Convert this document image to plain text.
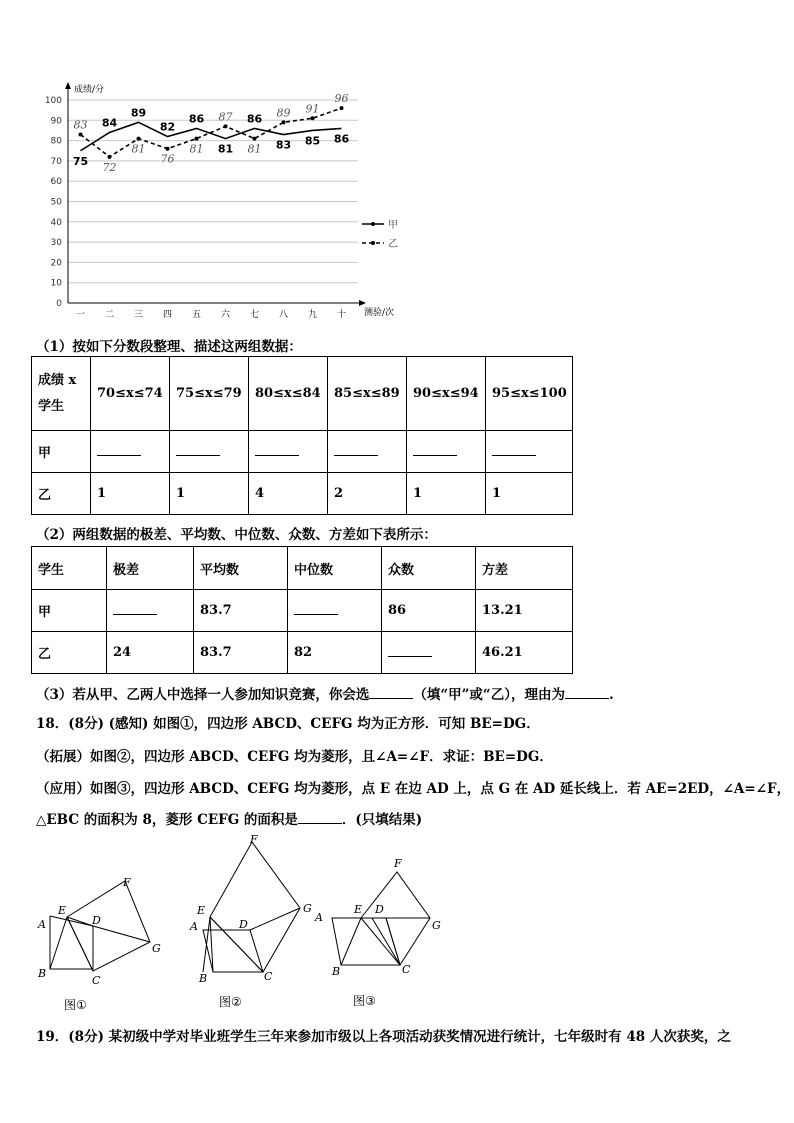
0
10
20
30
40
50
60
70
80
90
100
成绩/分
测验/次
一 二 三 四 五 六 七 八 九 十
75
84
89
82
86
81
86
83 85 86
83
72
81
76
81
87
81
89 91
96
甲
乙
（1）按如下分数段整理、描述这两组数据：
成绩 x
学生	70≤x≤74	75≤x≤79	80≤x≤84	85≤x≤89	90≤x≤94	95≤x≤100
甲						
乙	1	1	4	2	1	1
（2）两组数据的极差、平均数、中位数、众数、方差如下表所示：
学生	极差	平均数	中位数	众数	方差
甲		83.7		86	13.21
乙	24	83.7	82		46.21
（3）若从甲、乙两人中选择一人参加知识竞赛，你会选	（填“甲”或“乙），理由为	.
18．(8分) (感知) 如图①，四边形 ABCD、CEFG 均为正方形．可知 BE=DG．
（拓展）如图②，四边形 ABCD、CEFG 均为菱形，且∠A=∠F．求证：BE=DG．
（应用）如图③，四边形 ABCD、CEFG 均为菱形，点 E 在边 AD 上，点 G 在 AD 延长线上．若 AE=2ED，∠A=∠F，
△EBC 的面积为 8，菱形 CEFG 的面积是	．(只填结果)
A
B
C
D
E
F
G
图①
A
B	C
D
E
F
G
图②
A
B	C
D
E
F
G
图③
19．(8分) 某初级中学对毕业班学生三年来参加市级以上各项活动获奖情况进行统计，七年级时有 48 人次获奖，之
